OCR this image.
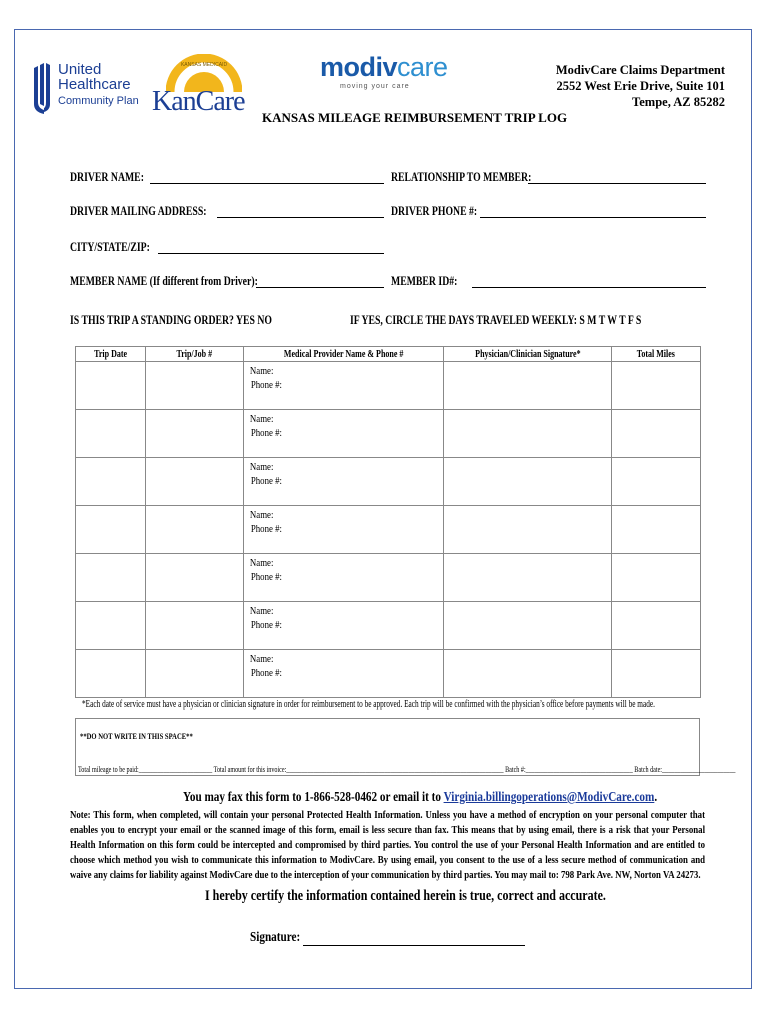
United
Healthcare
Community Plan
KANSAS MEDICAID
KanCare
modivcare
moving your care
ModivCare Claims Department
2552 West Erie Drive, Suite 101
Tempe, AZ 85282
KANSAS MILEAGE REIMBURSEMENT TRIP LOG
DRIVER NAME:	RELATIONSHIP TO MEMBER:
DRIVER MAILING ADDRESS:	DRIVER PHONE #:
CITY/STATE/ZIP:
MEMBER NAME (If different from Driver):	MEMBER ID#:
IS THIS TRIP A STANDING ORDER? YES NO	IF YES, CIRCLE THE DAYS TRAVELED WEEKLY: S M T W T F S
Trip Date	Trip/Job #	Medical Provider Name & Phone #	Physician/Clinician Signature*	Total Miles
		Name:
Phone #:		
		Name:
Phone #:		
		Name:
Phone #:		
		Name:
Phone #:		
		Name:
Phone #:		
		Name:
Phone #:		
		Name:
Phone #:		
*Each date of service must have a physician or clinician signature in order for reimbursement to be approved. Each trip will be confirmed with the physician’s office before payments will be made.
**DO NOT WRITE IN THIS SPACE**
Total mileage to be paid:________________________ Total amount for this invoice:_______________________________________________________________________ Batch #:___________________________________ Batch date:________________________
You may fax this form to 1-866-528-0462 or email it to Virginia.billingoperations@ModivCare.com.
Note: This form, when completed, will contain your personal Protected Health Information. Unless you have a method of encryption on your personal computer that enables you to encrypt your email or the scanned image of this form, email is less secure than fax. This means that by using email, there is a risk that your Personal Health Information on this form could be intercepted and compromised by third parties. You control the use of your Personal Health Information and are entitled to choose which method you wish to communicate this information to ModivCare. By using email, you consent to the use of a less secure method of communication and waive any claims for liability against ModivCare due to the interception of your communication by third parties. You may mail to: 798 Park Ave. NW, Norton VA 24273.
I hereby certify the information contained herein is true, correct and accurate.
Signature:
